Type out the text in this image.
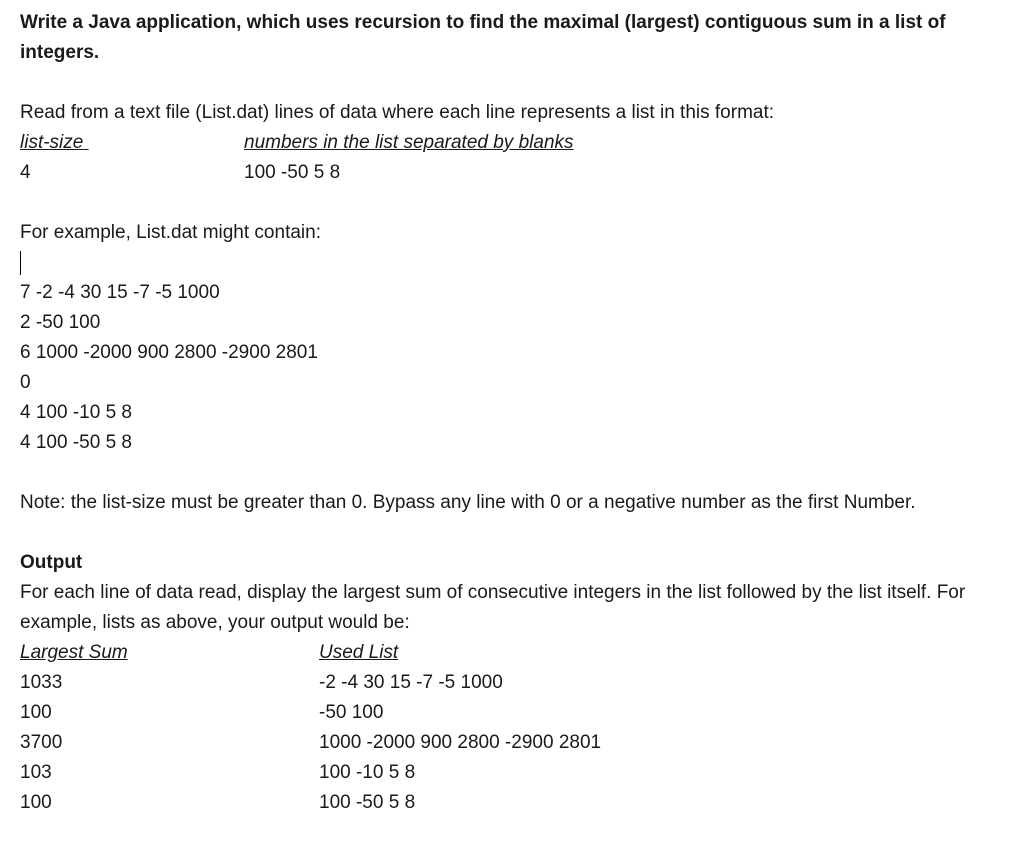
Write a Java application, which uses recursion to find the maximal (largest) contiguous sum in a list of integers.
Read from a text file (List.dat) lines of data where each line represents a list in this format:
list-size	numbers in the list separated by blanks
4	100 -50 5 8
For example, List.dat might contain:
7 -2 -4 30 15 -7 -5 1000
2 -50 100
6 1000 -2000 900 2800 -2900 2801
0
4 100 -10 5 8
4 100 -50 5 8
Note: the list-size must be greater than 0. Bypass any line with 0 or a negative number as the first Number.
Output
For each line of data read, display the largest sum of consecutive integers in the list followed by the list itself. For example, lists as above, your output would be:
Largest Sum	Used List
1033	-2 -4 30 15 -7 -5 1000
100	-50 100
3700	1000 -2000 900 2800 -2900 2801
103	100 -10 5 8
100	100 -50 5 8
